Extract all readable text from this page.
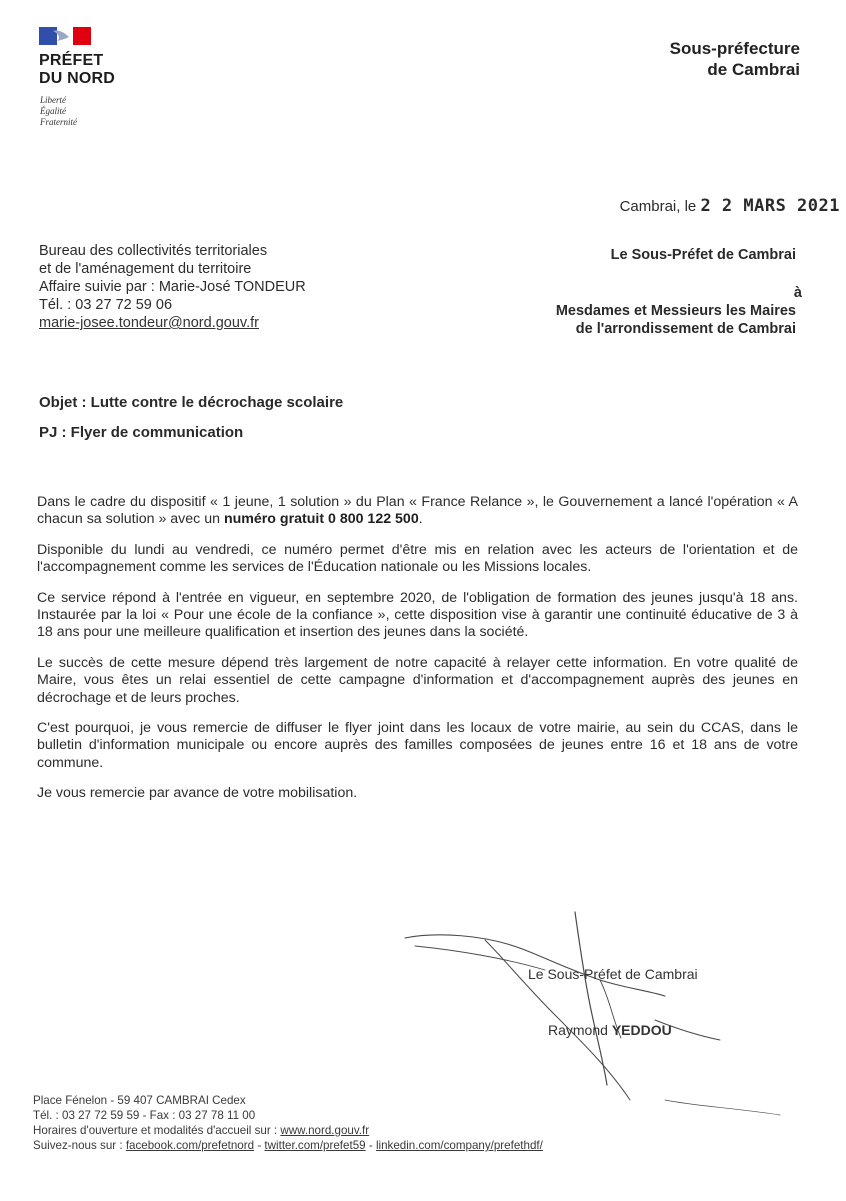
PRÉFET
DU NORD
Liberté
Égalité
Fraternité
Sous-préfecture
de Cambrai
Cambrai, le 2 2 MARS 2021
Bureau des collectivités territoriales
et de l'aménagement du territoire
Affaire suivie par : Marie-José TONDEUR
Tél. : 03 27 72 59 06
marie-josee.tondeur@nord.gouv.fr
Le Sous-Préfet de Cambrai
à
Mesdames et Messieurs les Maires
de l'arrondissement de Cambrai
Objet : Lutte contre le décrochage scolaire
PJ : Flyer de communication

Dans le cadre du dispositif « 1 jeune, 1 solution » du Plan « France Relance », le Gouvernement a lancé l'opération « A chacun sa solution » avec un numéro gratuit 0 800 122 500.

Disponible du lundi au vendredi, ce numéro permet d'être mis en relation avec les acteurs de l'orientation et de l'accompagnement comme les services de l'Éducation nationale ou les Missions locales.

Ce service répond à l'entrée en vigueur, en septembre 2020, de l'obligation de formation des jeunes jusqu'à 18 ans. Instaurée par la loi « Pour une école de la confiance », cette disposition vise à garantir une continuité éducative de 3 à 18 ans pour une meilleure qualification et insertion des jeunes dans la société.

Le succès de cette mesure dépend très largement de notre capacité à relayer cette information. En votre qualité de Maire, vous êtes un relai essentiel de cette campagne d'information et d'accompagnement auprès des jeunes en décrochage et de leurs proches.

C'est pourquoi, je vous remercie de diffuser le flyer joint dans les locaux de votre mairie, au sein du CCAS, dans le bulletin d'information municipale ou encore auprès des familles composées de jeunes entre 16 et 18 ans de votre commune.

Je vous remercie par avance de votre mobilisation.

Le Sous-Préfet de Cambrai
Raymond YEDDOU
Place Fénelon - 59 407 CAMBRAI Cedex
Tél. : 03 27 72 59 59 - Fax : 03 27 78 11 00
Horaires d'ouverture et modalités d'accueil sur : www.nord.gouv.fr
Suivez-nous sur : facebook.com/prefetnord - twitter.com/prefet59 - linkedin.com/company/prefethdf/
